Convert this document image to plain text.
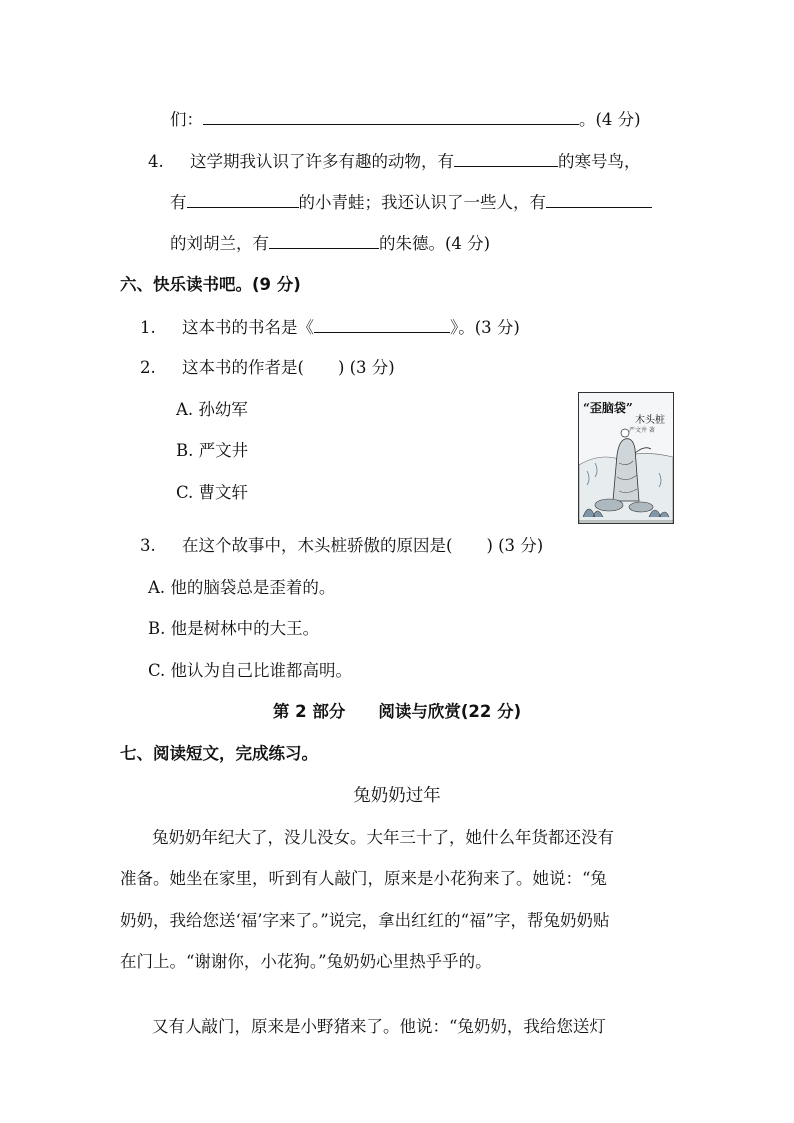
们：	。(4 分)
4. 这学期我认识了许多有趣的动物，有	的寒号鸟，
有	的小青蛙；我还认识了一些人，有
的刘胡兰，有	的朱德。(4 分)
六、快乐读书吧。(9 分)
1. 这本书的书名是《	》。(3 分)
2. 这本书的作者是( ) (3 分)
A. 孙幼军
B. 严文井
C. 曹文轩
“歪脑袋”
木头桩
严文井 著
3. 在这个故事中，木头桩骄傲的原因是( ) (3 分)
A. 他的脑袋总是歪着的。
B. 他是树林中的大王。
C. 他认为自己比谁都高明。
第 2 部分　　阅读与欣赏(22 分)
七、阅读短文，完成练习。
兔奶奶过年
兔奶奶年纪大了，没儿没女。大年三十了，她什么年货都还没有
准备。她坐在家里，听到有人敲门，原来是小花狗来了。她说：“兔
奶奶，我给您送‘福’字来了。”说完，拿出红红的“福”字，帮兔奶奶贴
在门上。“谢谢你，小花狗。”兔奶奶心里热乎乎的。
又有人敲门，原来是小野猪来了。他说：“兔奶奶，我给您送灯
